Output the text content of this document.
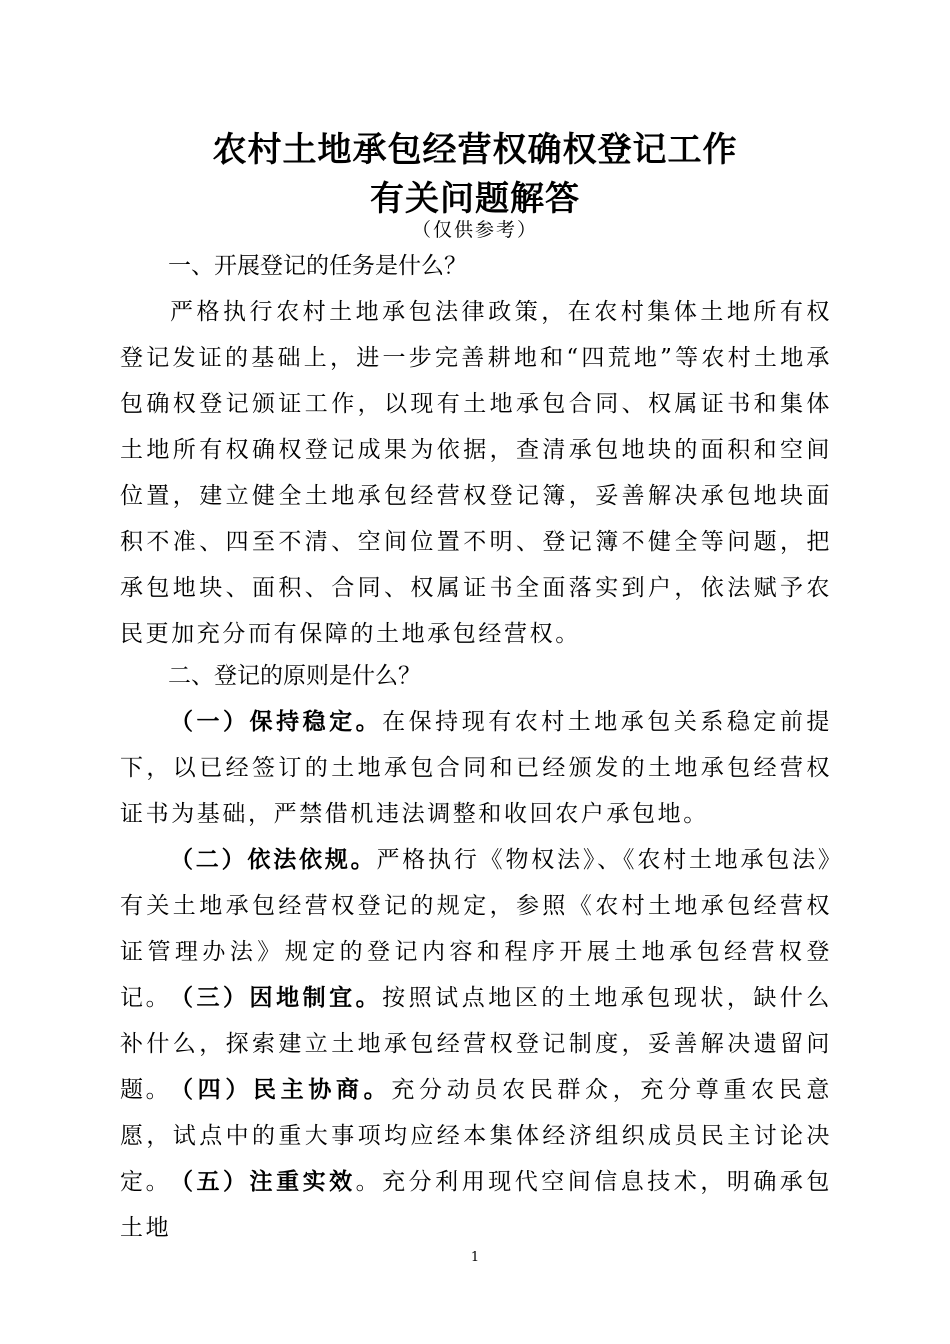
农村土地承包经营权确权登记工作
有关问题解答
（仅供参考）
一、开展登记的任务是什么？
严格执行农村土地承包法律政策，在农村集体土地所有权登记发证的基础上，进一步完善耕地和“四荒地”等农村土地承包确权登记颁证工作，以现有土地承包合同、权属证书和集体土地所有权确权登记成果为依据，查清承包地块的面积和空间位置，建立健全土地承包经营权登记簿，妥善解决承包地块面积不准、四至不清、空间位置不明、登记簿不健全等问题，把承包地块、面积、合同、权属证书全面落实到户，依法赋予农民更加充分而有保障的土地承包经营权。
二、登记的原则是什么？
（一）保持稳定。在保持现有农村土地承包关系稳定前提下，以已经签订的土地承包合同和已经颁发的土地承包经营权证书为基础，严禁借机违法调整和收回农户承包地。
（二）依法依规。严格执行《物权法》、《农村土地承包法》有关土地承包经营权登记的规定，参照《农村土地承包经营权证管理办法》规定的登记内容和程序开展土地承包经营权登记。
（三）因地制宜。按照试点地区的土地承包现状，缺什么补什么，探索建立土地承包经营权登记制度，妥善解决遗留问题。
（四）民主协商。充分动员农民群众，充分尊重农民意愿，试点中的重大事项均应经本集体经济组织成员民主讨论决定。
（五）注重实效。充分利用现代空间信息技术，明确承包土地
1
